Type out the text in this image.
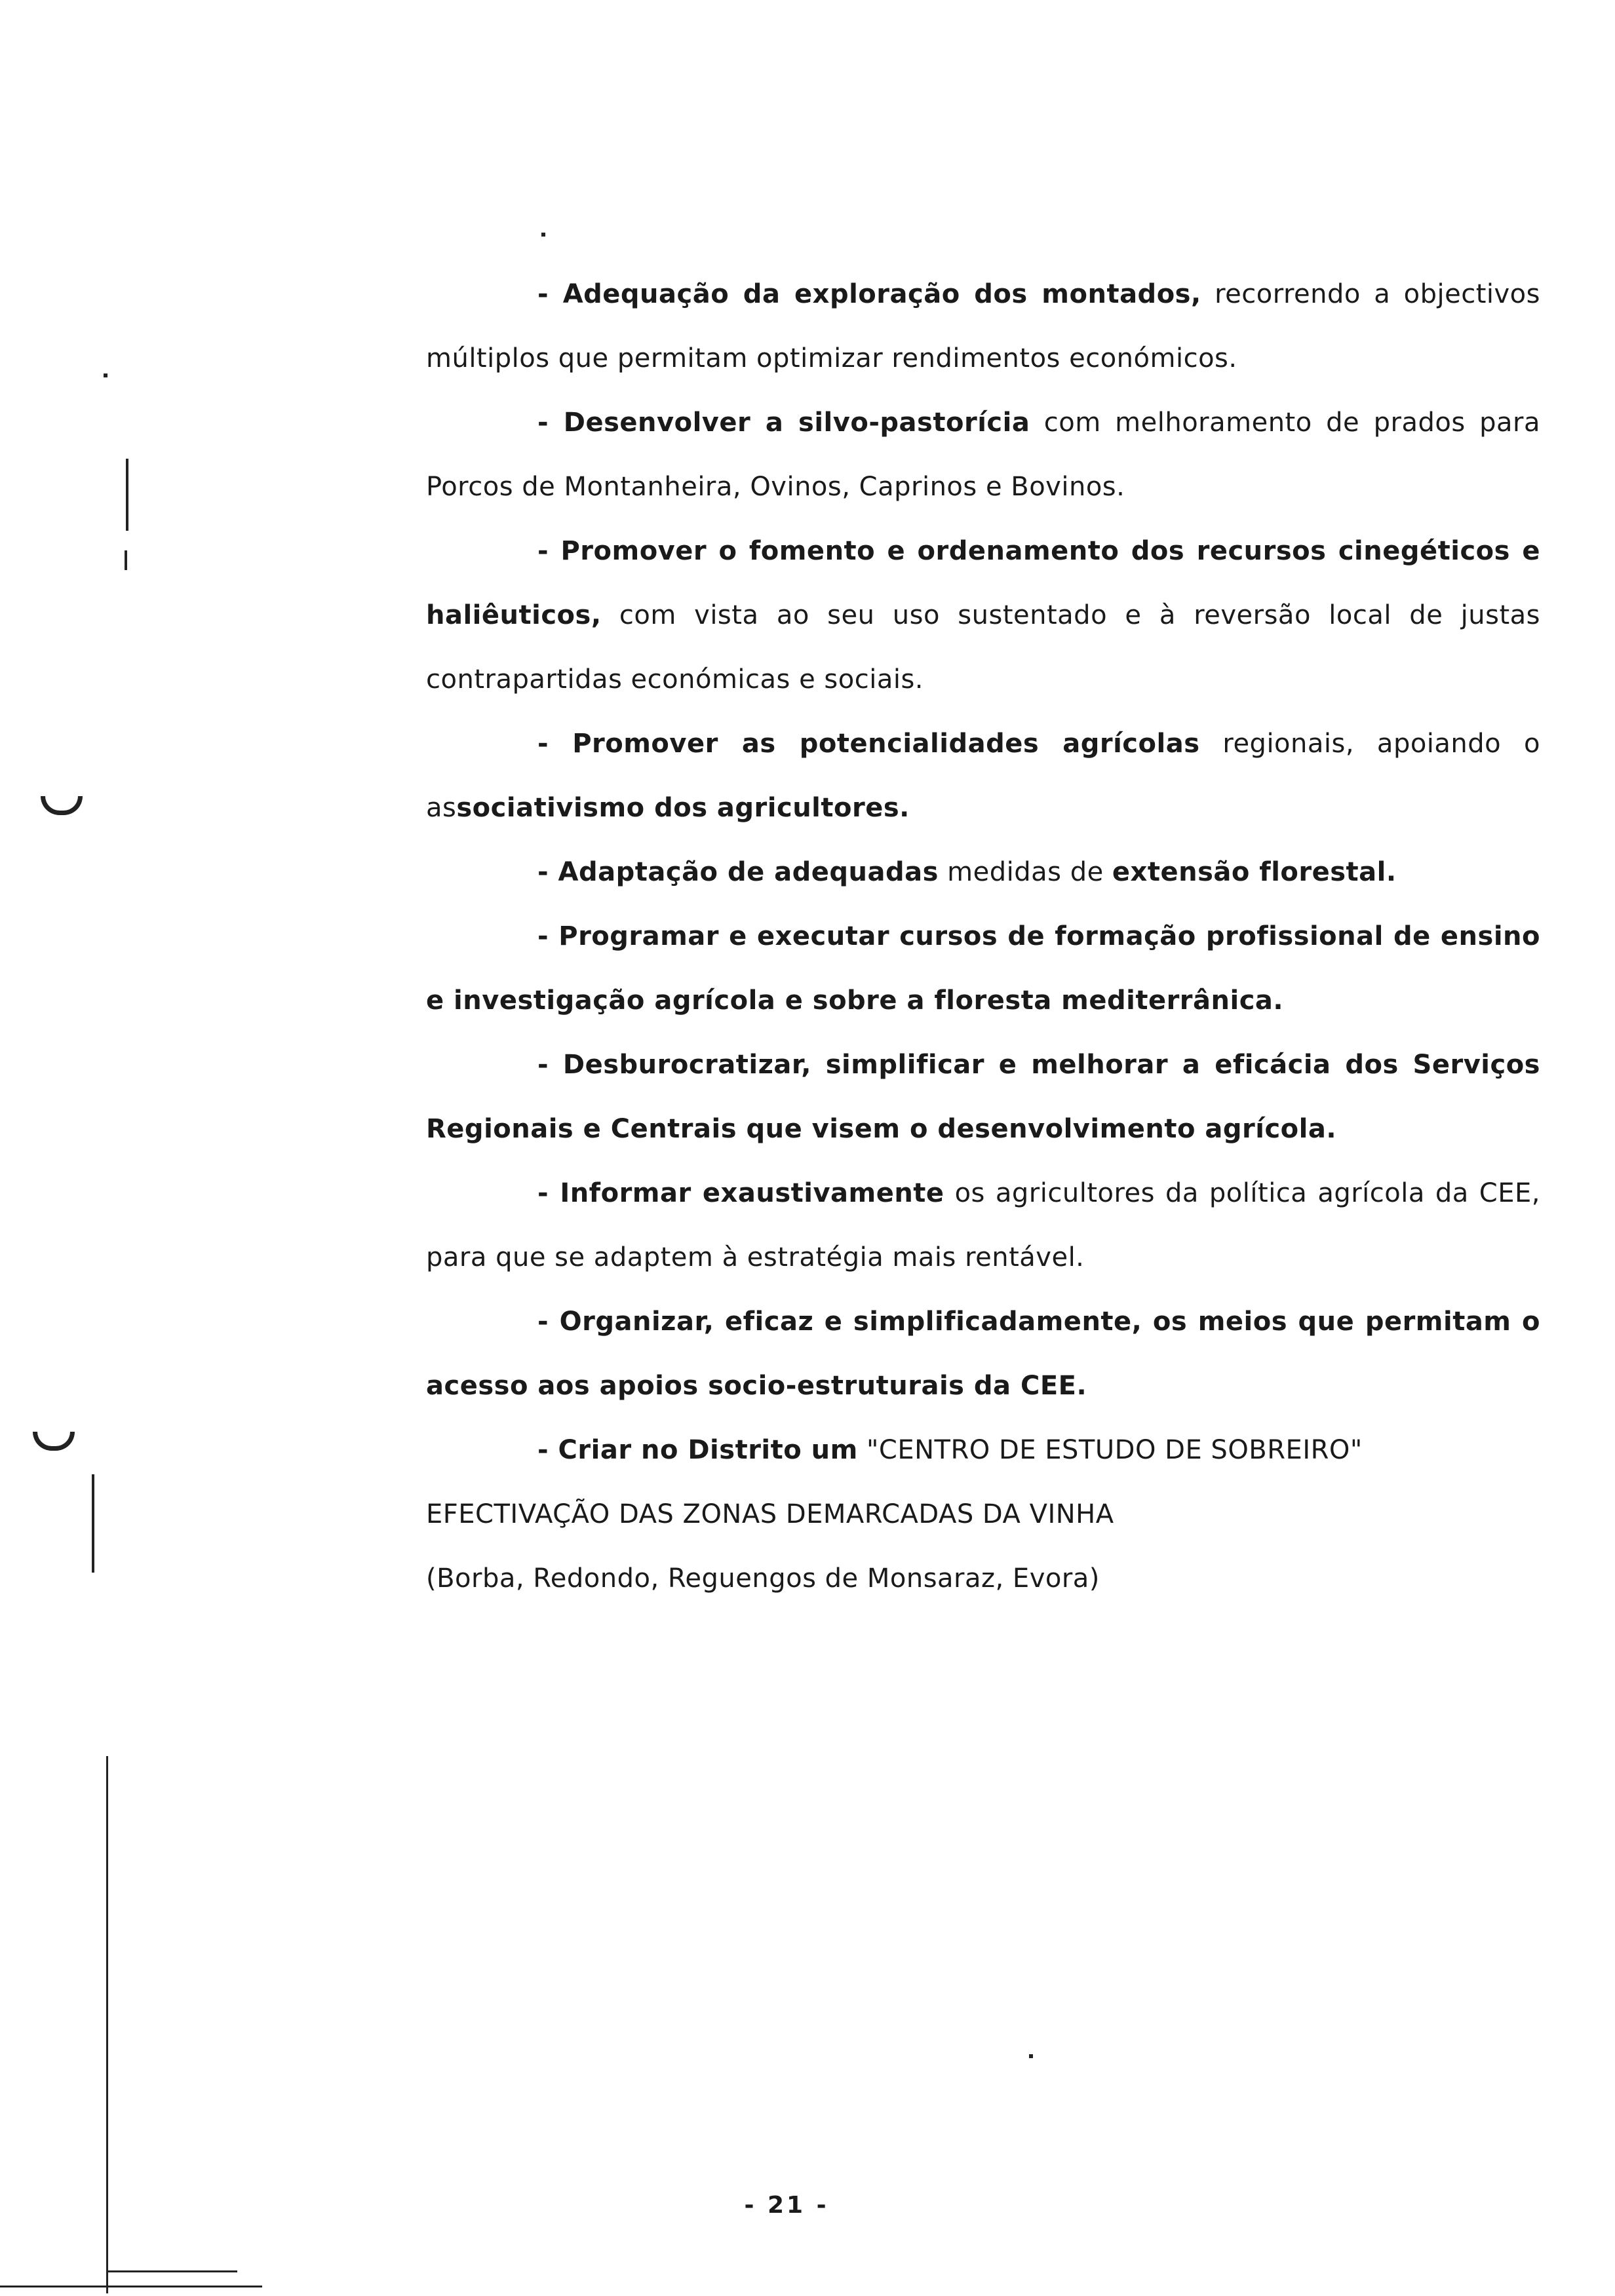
- Adequação da exploração dos montados, recorrendo a objectivos múltiplos que permitam optimizar rendimentos económicos.

- Desenvolver a silvo-pastorícia com melhoramento de prados para Porcos de Montanheira, Ovinos, Caprinos e Bovinos.

- Promover o fomento e ordenamento dos recursos cinegéticos e haliêuticos, com vista ao seu uso sustentado e à reversão local de justas contrapartidas económicas e sociais.

- Promover as potencialidades agrícolas regionais, apoiando o associativismo dos agricultores.

- Adaptação de adequadas medidas de extensão florestal.

- Programar e executar cursos de formação profissional de ensino e investigação agrícola e sobre a floresta mediterrânica.

- Desburocratizar, simplificar e melhorar a eficácia dos Serviços Regionais e Centrais que visem o desenvolvimento agrícola.

- Informar exaustivamente os agricultores da política agrícola da CEE, para que se adaptem à estratégia mais rentável.

- Organizar, eficaz e simplificadamente, os meios que permitam o acesso aos apoios socio-estruturais da CEE.

- Criar no Distrito um "CENTRO DE ESTUDO DE SOBREIRO"

EFECTIVAÇÃO DAS ZONAS DEMARCADAS DA VINHA

(Borba, Redondo, Reguengos de Monsaraz, Evora)

- 21 -
